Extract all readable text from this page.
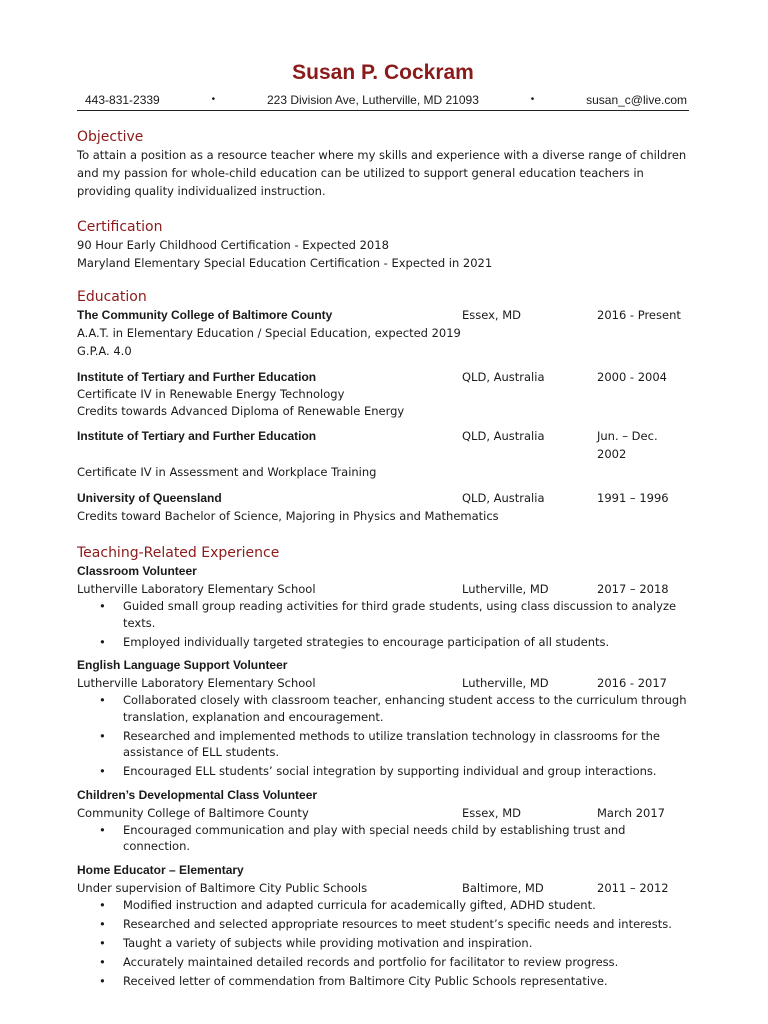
Susan P. Cockram
443-831-2339	•	223 Division Ave, Lutherville, MD 21093	•	susan_c@live.com
Objective

To attain a position as a resource teacher where my skills and experience with a diverse range of children and my passion for whole-child education can be utilized to support general education teachers in providing quality individualized instruction.

Certification

90 Hour Early Childhood Certification - Expected 2018

Maryland Elementary Special Education Certification - Expected in 2021

Education
The Community College of Baltimore County	Essex, MD	2016 - Present

A.A.T. in Elementary Education / Special Education, expected 2019

G.P.A. 4.0

Institute of Tertiary and Further Education	QLD, Australia	2000 - 2004

Certificate IV in Renewable Energy Technology

Credits towards Advanced Diploma of Renewable Energy

Institute of Tertiary and Further Education	QLD, Australia	Jun. – Dec. 2002

Certificate IV in Assessment and Workplace Training

University of Queensland	QLD, Australia	1991 – 1996

Credits toward Bachelor of Science, Majoring in Physics and Mathematics

Teaching-Related Experience
Classroom Volunteer
Lutherville Laboratory Elementary School	Lutherville, MD	2017 – 2018
• Guided small group reading activities for third grade students, using class discussion to analyze texts.
• Employed individually targeted strategies to encourage participation of all students.
English Language Support Volunteer
Lutherville Laboratory Elementary School	Lutherville, MD	2016 - 2017
• Collaborated closely with classroom teacher, enhancing student access to the curriculum through translation, explanation and encouragement.
• Researched and implemented methods to utilize translation technology in classrooms for the assistance of ELL students.
• Encouraged ELL students’ social integration by supporting individual and group interactions.
Children’s Developmental Class Volunteer
Community College of Baltimore County	Essex, MD	March 2017
• Encouraged communication and play with special needs child by establishing trust and connection.
Home Educator – Elementary
Under supervision of Baltimore City Public Schools	Baltimore, MD	2011 – 2012
• Modified instruction and adapted curricula for academically gifted, ADHD student.
• Researched and selected appropriate resources to meet student’s specific needs and interests.
• Taught a variety of subjects while providing motivation and inspiration.
• Accurately maintained detailed records and portfolio for facilitator to review progress.
• Received letter of commendation from Baltimore City Public Schools representative.
